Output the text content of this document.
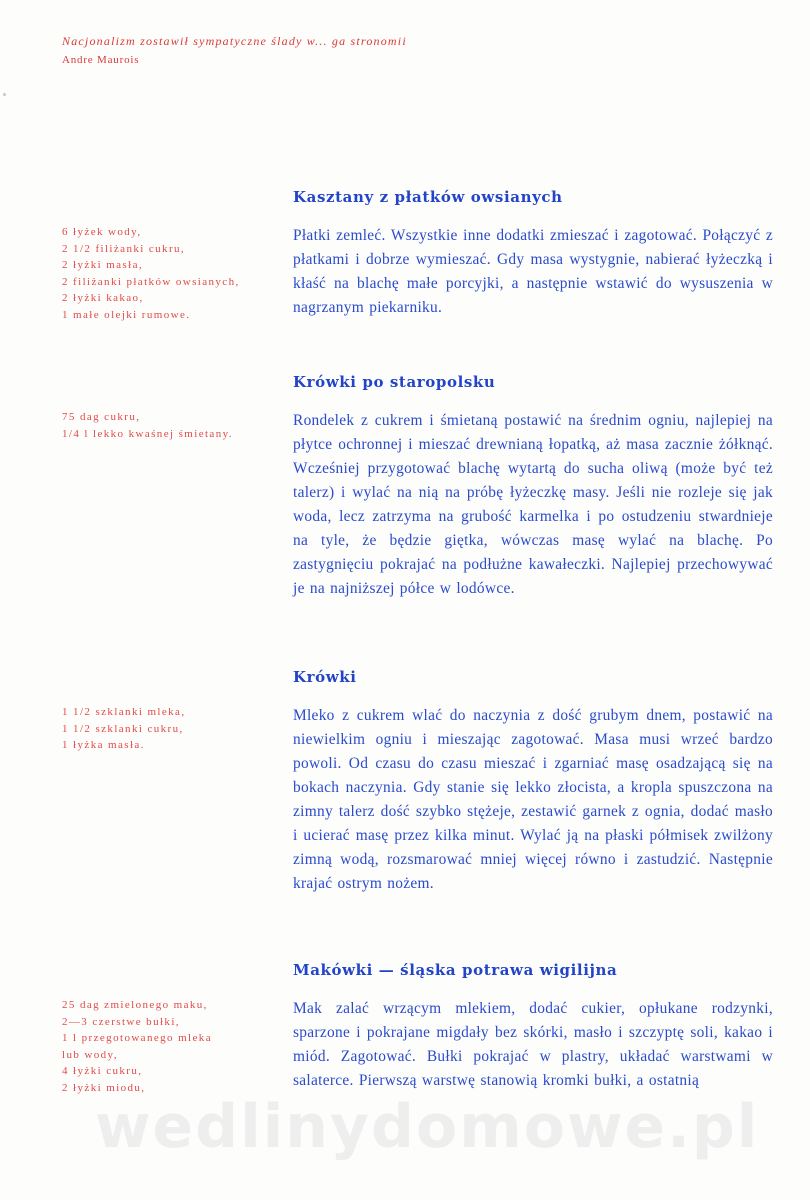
Nacjonalizm zostawił sympatyczne ślady w... ga stronomii
Andre Maurois
Kasztany z płatków owsianych
6 łyżek wody,
2 1/2 filiżanki cukru,
2 łyżki masła,
2 filiżanki płatków owsianych,
2 łyżki kakao,
1 małe olejki rumowe.

Płatki zemleć. Wszystkie inne dodatki zmieszać i zagotować. Połączyć z płatkami i dobrze wymieszać. Gdy masa wystygnie, nabierać łyżeczką i kłaść na blachę małe porcyjki, a następnie wstawić do wysuszenia w nagrzanym piekarniku.

Krówki po staropolsku
75 dag cukru,
1/4 l lekko kwaśnej śmietany.

Rondelek z cukrem i śmietaną postawić na średnim ogniu, najlepiej na płytce ochronnej i mieszać drewnianą łopatką, aż masa zacznie żółknąć. Wcześniej przygotować blachę wytartą do sucha oliwą (może być też talerz) i wylać na nią na próbę łyżeczkę masy. Jeśli nie rozleje się jak woda, lecz zatrzyma na grubość karmelka i po ostudzeniu stwardnieje na tyle, że będzie giętka, wówczas masę wylać na blachę. Po zastygnięciu pokrajać na podłużne kawałeczki. Najlepiej przechowywać je na najniższej półce w lodówce.

Krówki
1 1/2 szklanki mleka,
1 1/2 szklanki cukru,
1 łyżka masła.

Mleko z cukrem wlać do naczynia z dość grubym dnem, postawić na niewielkim ogniu i mieszając zagotować. Masa musi wrzeć bardzo powoli. Od czasu do czasu mieszać i zgarniać masę osadzającą się na bokach naczynia. Gdy stanie się lekko złocista, a kropla spuszczona na zimny talerz dość szybko stężeje, zestawić garnek z ognia, dodać masło i ucierać masę przez kilka minut. Wylać ją na płaski półmisek zwilżony zimną wodą, rozsmarować mniej więcej równo i zastudzić. Następnie krajać ostrym nożem.

Makówki — śląska potrawa wigilijna
25 dag zmielonego maku,
2—3 czerstwe bułki,
1 l przegotowanego mleka
lub wody,
4 łyżki cukru,
2 łyżki miodu,

Mak zalać wrzącym mlekiem, dodać cukier, opłukane rodzynki, sparzone i pokrajane migdały bez skórki, masło i szczyptę soli, kakao i miód. Zagotować. Bułki pokrajać w plastry, układać warstwami w salaterce. Pierwszą warstwę stanowią kromki bułki, a ostatnią

wedlinydomowe.pl
